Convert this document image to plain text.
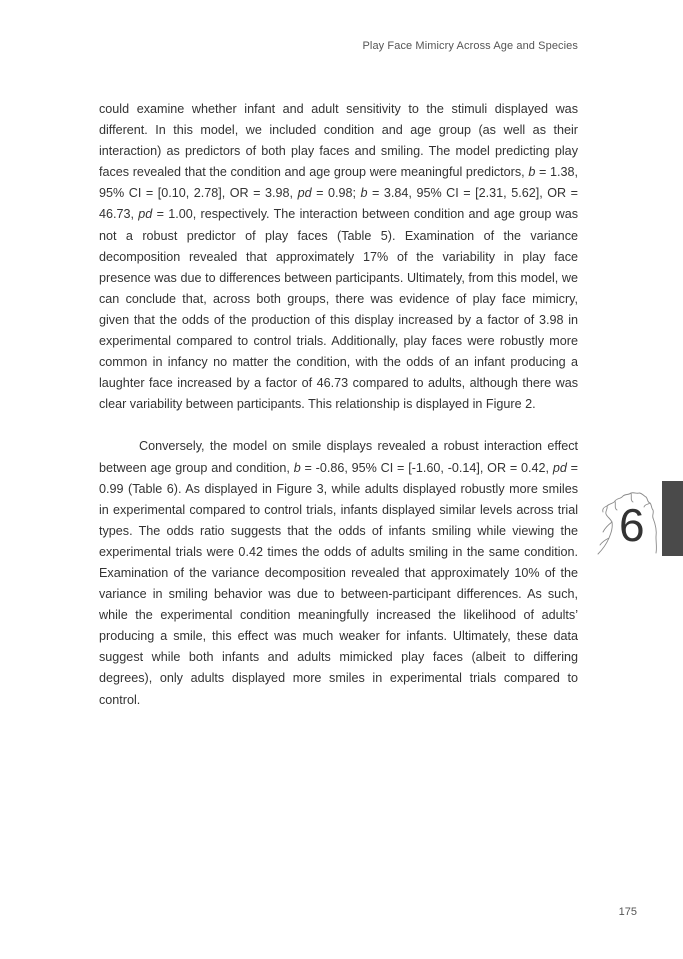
Play Face Mimicry Across Age and Species

could examine whether infant and adult sensitivity to the stimuli displayed was different. In this model, we included condition and age group (as well as their interaction) as predictors of both play faces and smiling. The model predicting play faces revealed that the condition and age group were meaningful predictors, b = 1.38, 95% CI = [0.10, 2.78], OR = 3.98, pd = 0.98; b = 3.84, 95% CI = [2.31, 5.62], OR = 46.73, pd = 1.00, respectively. The interaction between condition and age group was not a robust predictor of play faces (Table 5). Examination of the variance decomposition revealed that approximately 17% of the variability in play face presence was due to differences between participants. Ultimately, from this model, we can conclude that, across both groups, there was evidence of play face mimicry, given that the odds of the production of this display increased by a factor of 3.98 in experimental compared to control trials. Additionally, play faces were robustly more common in infancy no matter the condition, with the odds of an infant producing a laughter face increased by a factor of 46.73 compared to adults, although there was clear variability between participants. This relationship is displayed in Figure 2.

Conversely, the model on smile displays revealed a robust interaction effect between age group and condition, b = -0.86, 95% CI = [-1.60, -0.14], OR = 0.42, pd = 0.99 (Table 6). As displayed in Figure 3, while adults displayed robustly more smiles in experimental compared to control trials, infants displayed similar levels across trial types. The odds ratio suggests that the odds of infants smiling while viewing the experimental trials were 0.42 times the odds of adults smiling in the same condition. Examination of the variance decomposition revealed that approximately 10% of the variance in smiling behavior was due to between-participant differences. As such, while the experimental condition meaningfully increased the likelihood of adults’ producing a smile, this effect was much weaker for infants. Ultimately, these data suggest while both infants and adults mimicked play faces (albeit to differing degrees), only adults displayed more smiles in experimental trials compared to control.

6
175
